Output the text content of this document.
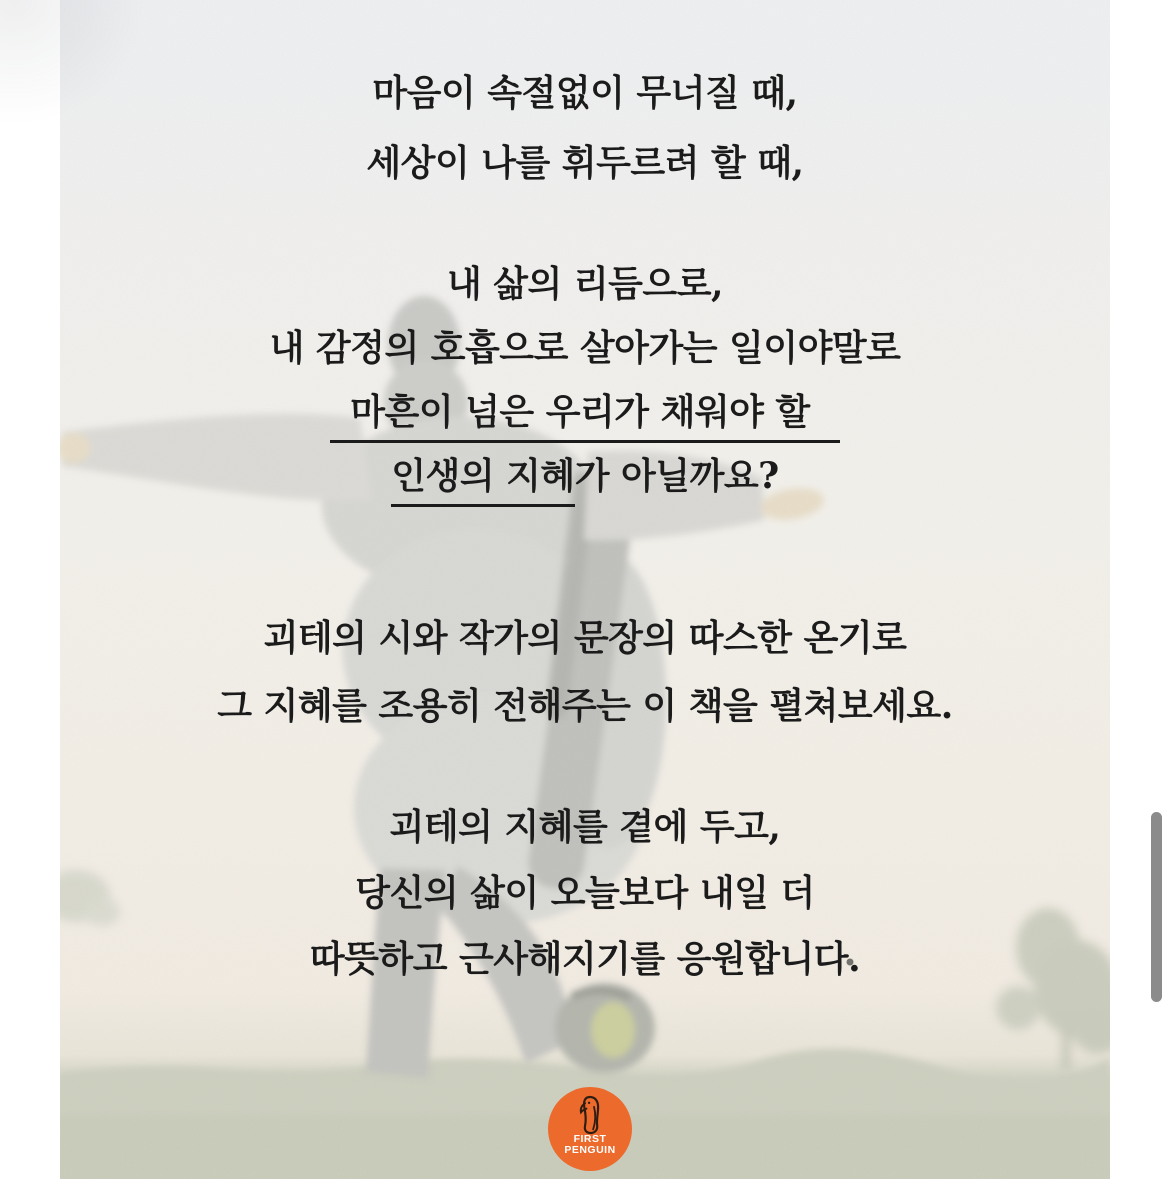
마음이 속절없이 무너질 때,
세상이 나를 휘두르려 할 때,
내 삶의 리듬으로,
내 감정의 호흡으로 살아가는 일이야말로
마흔이 넘은 우리가 채워야 할
인생의 지혜가 아닐까요?
괴테의 시와 작가의 문장의 따스한 온기로
그 지혜를 조용히 전해주는 이 책을 펼쳐보세요.
괴테의 지혜를 곁에 두고,
당신의 삶이 오늘보다 내일 더
따뜻하고 근사해지기를 응원합니다.
FIRST
PENGUIN
